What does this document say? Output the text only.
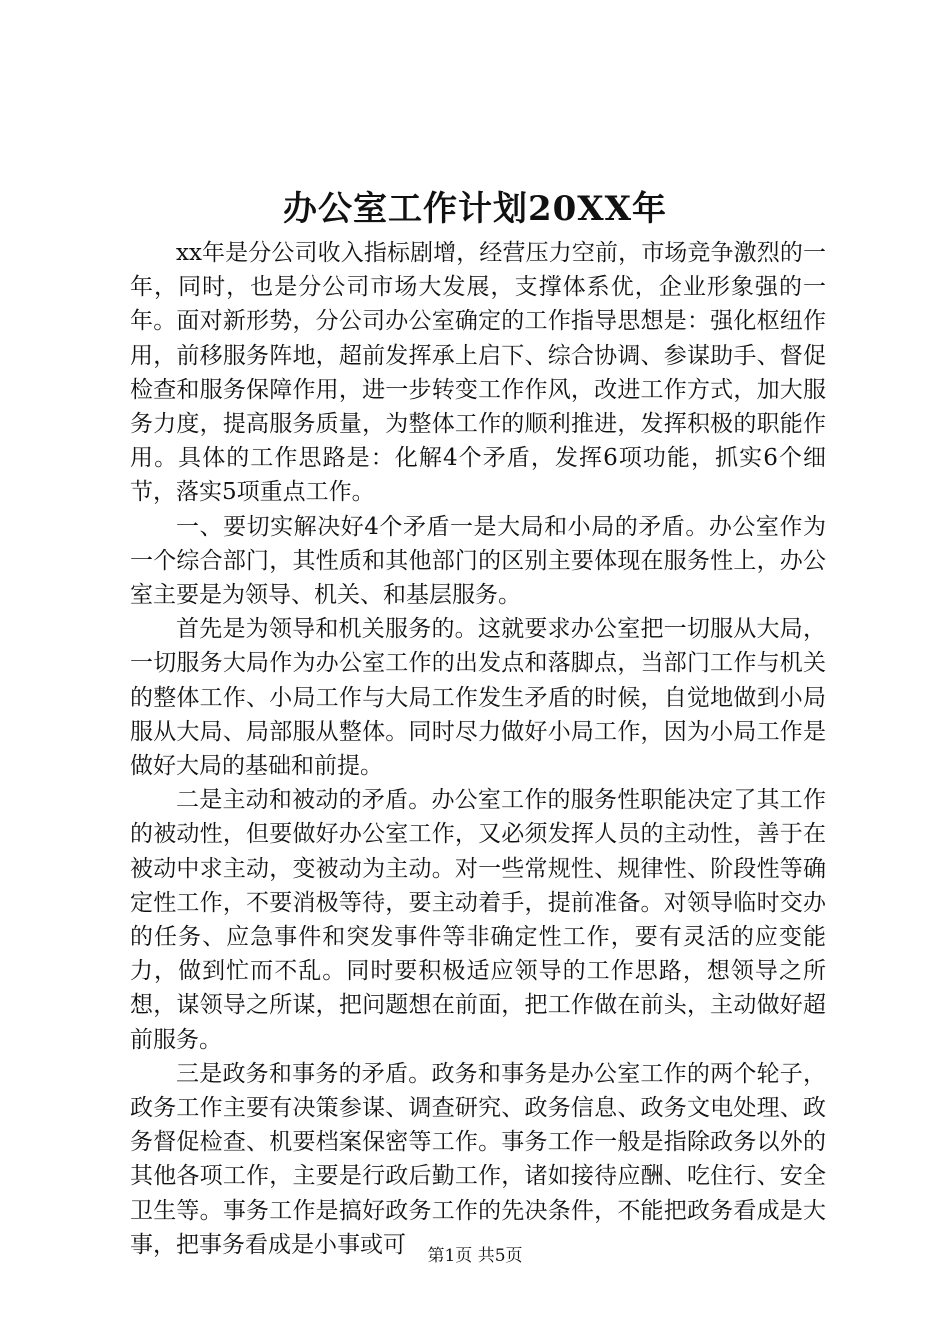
办公室工作计划20XX年

xx年是分公司收入指标剧增，经营压力空前，市场竞争激烈的一年，同时，也是分公司市场大发展，支撑体系优，企业形象强的一年。面对新形势，分公司办公室确定的工作指导思想是：强化枢纽作用，前移服务阵地，超前发挥承上启下、综合协调、参谋助手、督促检查和服务保障作用，进一步转变工作作风，改进工作方式，加大服务力度，提高服务质量，为整体工作的顺利推进，发挥积极的职能作用。具体的工作思路是：化解4个矛盾，发挥6项功能，抓实6个细节，落实5项重点工作。

一、要切实解决好4个矛盾一是大局和小局的矛盾。办公室作为一个综合部门，其性质和其他部门的区别主要体现在服务性上，办公室主要是为领导、机关、和基层服务。

首先是为领导和机关服务的。这就要求办公室把一切服从大局，一切服务大局作为办公室工作的出发点和落脚点，当部门工作与机关的整体工作、小局工作与大局工作发生矛盾的时候，自觉地做到小局服从大局、局部服从整体。同时尽力做好小局工作，因为小局工作是做好大局的基础和前提。

二是主动和被动的矛盾。办公室工作的服务性职能决定了其工作的被动性，但要做好办公室工作，又必须发挥人员的主动性，善于在被动中求主动，变被动为主动。对一些常规性、规律性、阶段性等确定性工作，不要消极等待，要主动着手，提前准备。对领导临时交办的任务、应急事件和突发事件等非确定性工作，要有灵活的应变能力，做到忙而不乱。同时要积极适应领导的工作思路，想领导之所想，谋领导之所谋，把问题想在前面，把工作做在前头，主动做好超前服务。

三是政务和事务的矛盾。政务和事务是办公室工作的两个轮子，政务工作主要有决策参谋、调查研究、政务信息、政务文电处理、政务督促检查、机要档案保密等工作。事务工作一般是指除政务以外的其他各项工作，主要是行政后勤工作，诸如接待应酬、吃住行、安全卫生等。事务工作是搞好政务工作的先决条件，不能把政务看成是大事，把事务看成是小事或可	第1页 共5页
